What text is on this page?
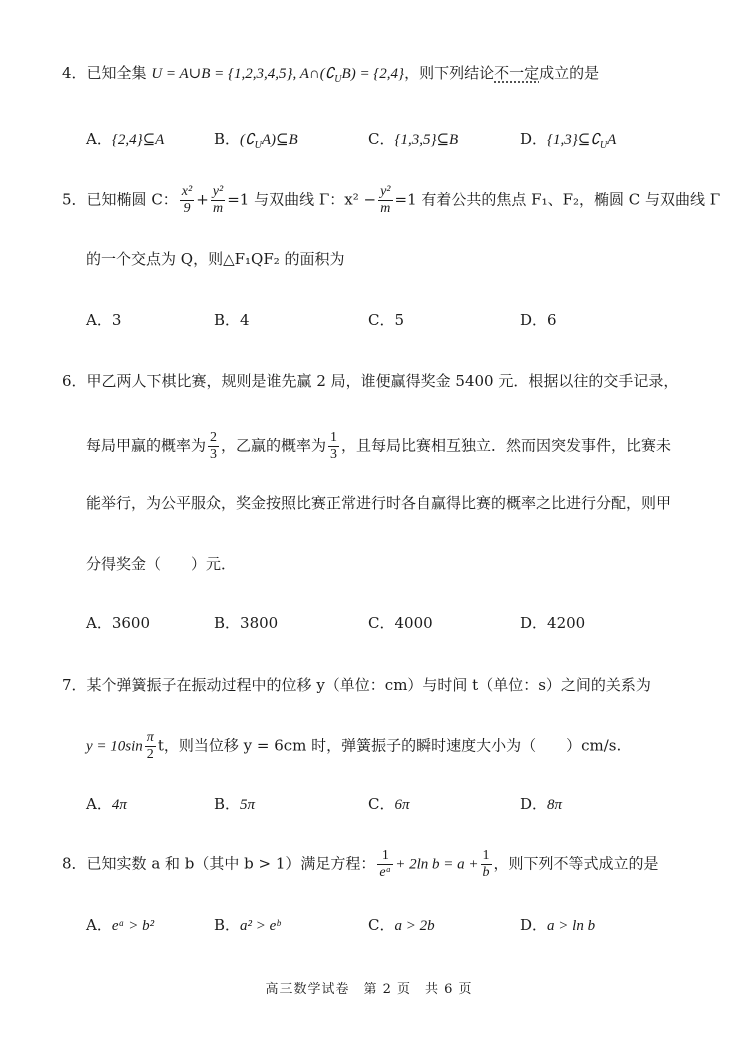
4．已知全集 U = A∪B = {1,2,3,4,5}, $A\cap(∁_UB) = \{2,4\}$，则下列结论不一定成立的是
A．{2,4}⊆A	B．$(∁_UA)⊆B$	C．{1,3,5}⊆B	D．$\{1,3\}⊆∁_UA$
5．已知椭圆 C： $\frac{\text{x²}}{9} + \frac{\text{y²}}{m} =1$ 与双曲线 Γ：$x^2 - \frac{\text{y²}}{m} =1$ 有着公共的焦点 F₁、F₂，椭圆 C 与双曲线 Γ
的一个交点为 Q，则△F₁QF₂ 的面积为
A．3	B．4	C．5	D．6
6．甲乙两人下棋比赛，规则是谁先赢 2 局，谁便赢得奖金 5400 元．根据以往的交手记录，
每局甲赢的概率为 $\frac{2}{3}$ ，乙赢的概率为 $\frac{1}{3}$ ，且每局比赛相互独立．然而因突发事件，比赛未
能举行，为公平服众，奖金按照比赛正常进行时各自赢得比赛的概率之比进行分配，则甲
分得奖金（　　）元．
A．3600	B．3800	C．4000	D．4200
7．某个弹簧振子在振动过程中的位移 y（单位：cm）与时间 t（单位：s）之间的关系为
$y = 10\sin \frac{\pi}{2}$ t，则当位移 y = 6cm 时，弹簧振子的瞬时速度大小为（　　）cm/s.
A．4π	B．5π	C．6π	D．8π
8．已知实数 a 和 b（其中 b > 1）满足方程： $\frac{1}{\text{eᵃ}} + 2\ln$ $b = a + \frac{1}{b}$ ，则下列不等式成立的是
A．eᵃ > b²	B．a² > eᵇ	C．a > 2b	D．a > ln b
高三数学试卷　第 2 页　共 6 页
